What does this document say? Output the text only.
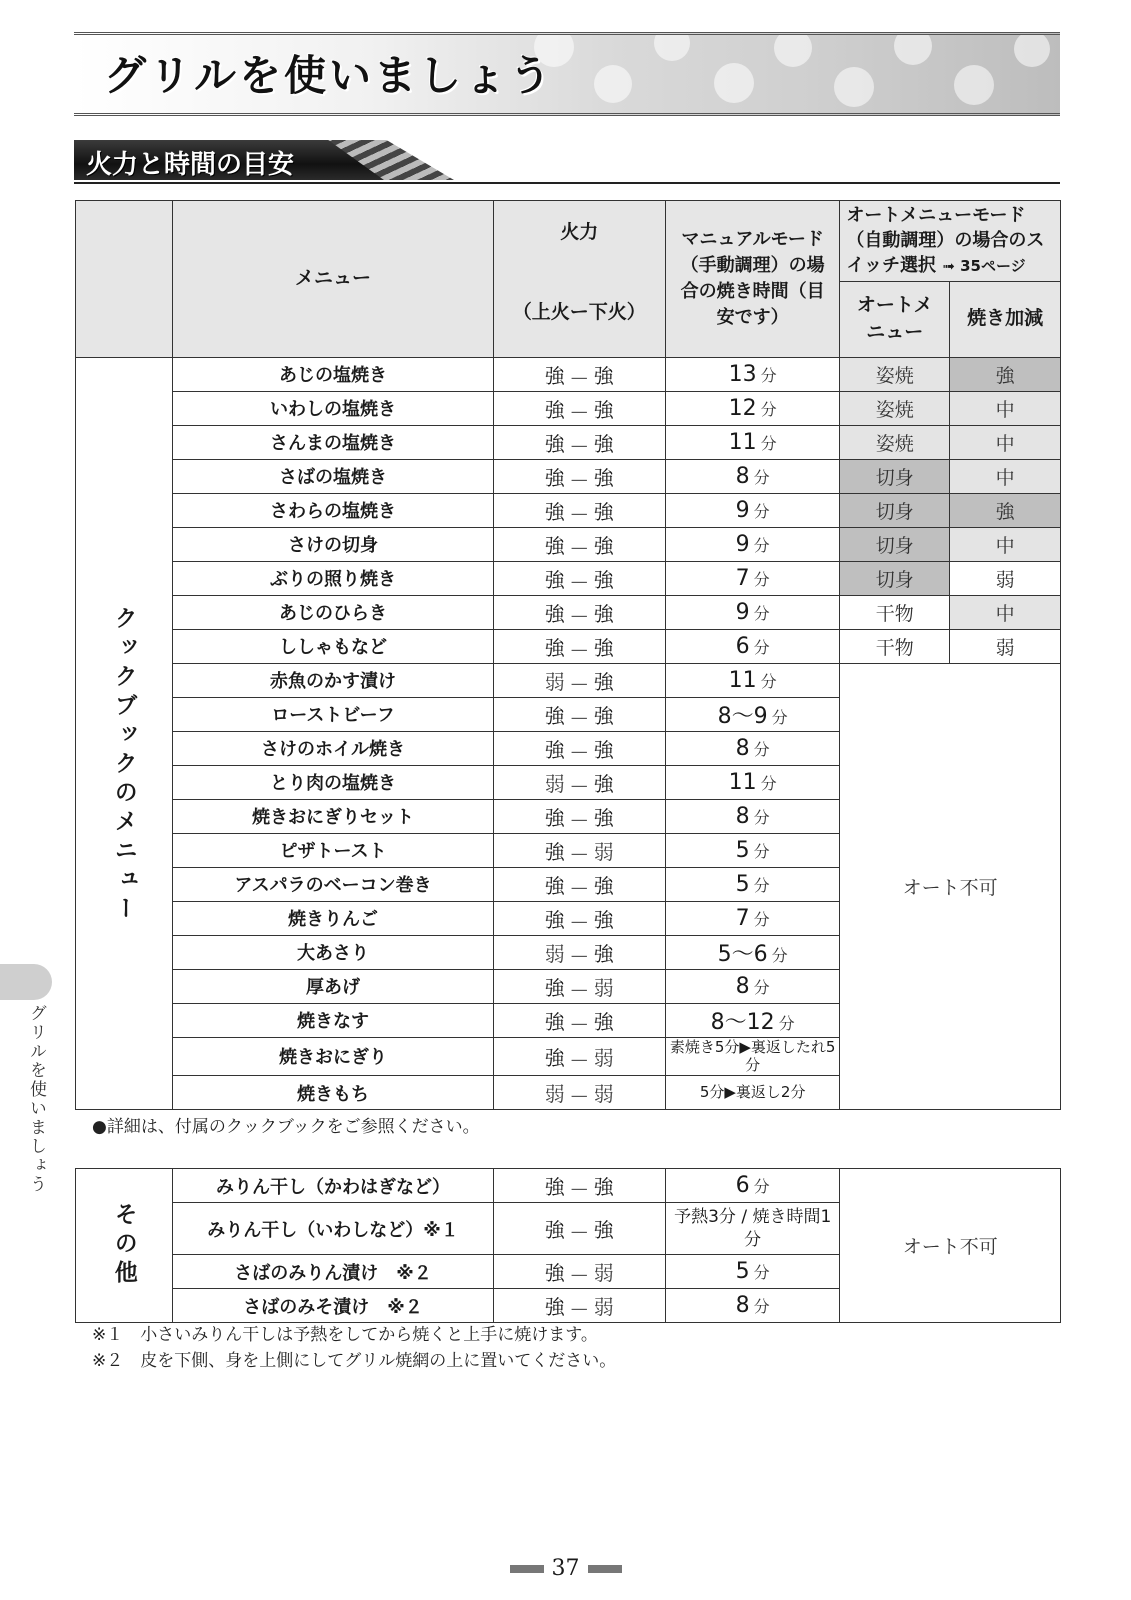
グリルを使いましょう
火力と時間の目安
	メニュー	火力
（上火ー下火）	マニュアルモード（手動調理）の場合の焼き時間（目安です）	オートメニューモード（自動調理）の場合のスイッチ選択 ➟ 35ページ	
				オートメニュー	焼き加減

クックブックのメニュー	あじの塩焼き	強 — 強	13 分	姿焼	強
	いわしの塩焼き	強 — 強	12 分	姿焼	中
	さんまの塩焼き	強 — 強	11 分	姿焼	中
	さばの塩焼き	強 — 強	8 分	切身	中
	さわらの塩焼き	強 — 強	9 分	切身	強
	さけの切身	強 — 強	9 分	切身	中
	ぶりの照り焼き	強 — 強	7 分	切身	弱
	あじのひらき	強 — 強	9 分	干物	中
	ししゃもなど	強 — 強	6 分	干物	弱
	赤魚のかす漬け	弱 — 強	11 分	オート不可	
	ローストビーフ	強 — 強	8〜9 分		
	さけのホイル焼き	強 — 強	8 分		
	とり肉の塩焼き	弱 — 強	11 分		
	焼きおにぎりセット	強 — 強	8 分		
	ピザトースト	強 — 弱	5 分		
	アスパラのベーコン巻き	強 — 強	5 分		
	焼きりんご	強 — 強	7 分		
	大あさり	弱 — 強	5〜6 分		
	厚あげ	強 — 弱	8 分		
	焼きなす	強 — 強	8〜12 分		
	焼きおにぎり	強 — 弱	素焼き5分▶裏返したれ5分		
	焼きもち	弱 — 弱	5分▶裏返し2分		
●詳細は、付属のクックブックをご参照ください。
その他	みりん干し（かわはぎなど）	強 — 強	6 分	オート不可
	みりん干し（いわしなど）※１	強 — 強	予熱3分 / 焼き時間1分	
	さばのみりん漬け　※２	強 — 弱	5 分	
	さばのみそ漬け　※２	強 — 弱	8 分	
※１　小さいみりん干しは予熱をしてから焼くと上手に焼けます。
※２　皮を下側、身を上側にしてグリル焼網の上に置いてください。
グリルを使いましょう
37
